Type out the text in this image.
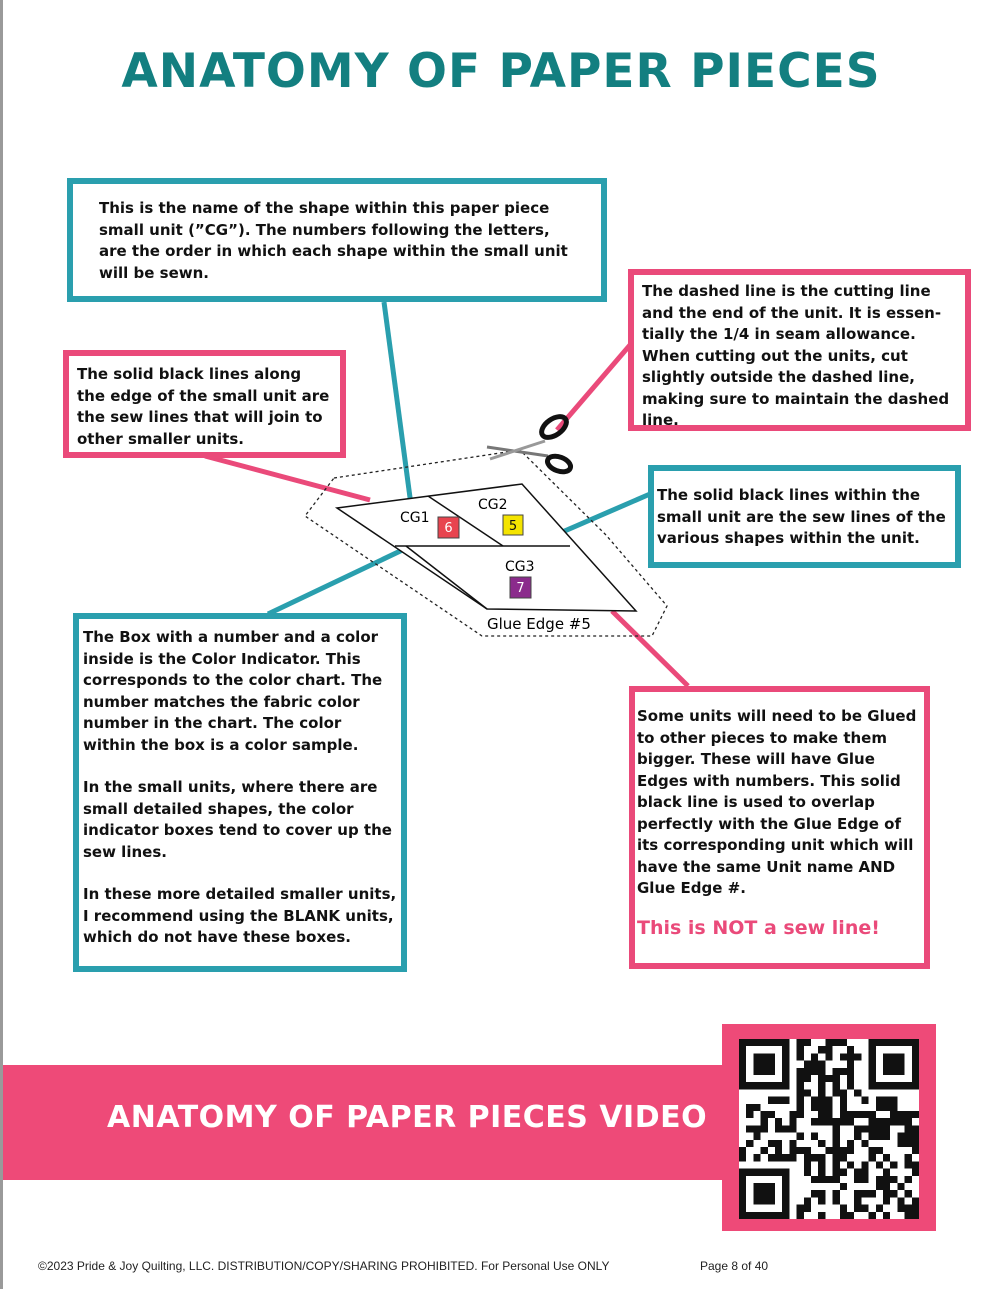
ANATOMY OF PAPER PIECES
CG1
CG2
CG3
Glue Edge #5
6	5
7

This is the name of the shape within this paper piece small unit (”CG”). The numbers following the letters, are the order in which each shape within the small unit will be sewn.

The dashed line is the cutting line and the end of the unit. It is essentially the 1/4 in seam allowance. When cutting out the units, cut slightly outside the dashed line, making sure to maintain the dashed line.

The solid black lines along the edge of the small unit are the sew lines that will join to other smaller units.

The solid black lines within the small unit are the sew lines of the various shapes within the unit.

The Box with a number and a color inside is the Color Indicator. This corresponds to the color chart. The number matches the fabric color number in the chart. The color within the box is a color sample.

In the small units, where there are small detailed shapes, the color indicator boxes tend to cover up the sew lines.

In these more detailed smaller units, I recommend using the BLANK units, which do not have these boxes.

Some units will need to be Glued to other pieces to make them bigger. These will have Glue Edges with numbers. This solid black line is used to overlap perfectly with the Glue Edge of its corresponding unit which will have the same Unit name AND Glue Edge #.

This is NOT a sew line!

ANATOMY OF PAPER PIECES VIDEO

©2023 Pride & Joy Quilting, LLC. DISTRIBUTION/COPY/SHARING PROHIBITED. For Personal Use ONLY	Page 8 of 40
